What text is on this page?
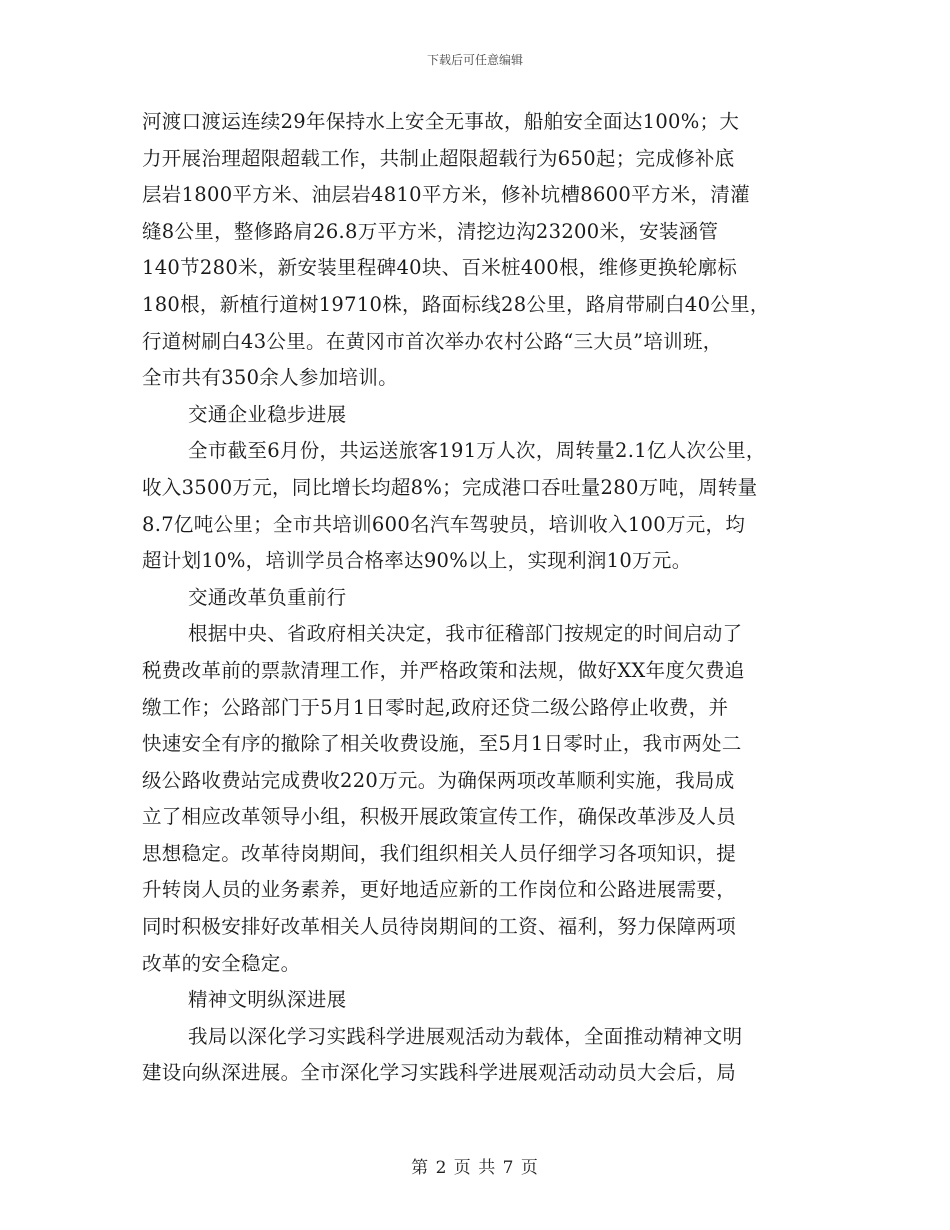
下载后可任意编辑
河渡口渡运连续29年保持水上安全无事故，船舶安全面达100%；大
力开展治理超限超载工作，共制止超限超载行为650起；完成修补底
层岩1800平方米、油层岩4810平方米，修补坑槽8600平方米，清灌
缝8公里，整修路肩26.8万平方米，清挖边沟23200米，安装涵管
140节280米，新安装里程碑40块、百米桩400根，维修更换轮廓标
180根，新植行道树19710株，路面标线28公里，路肩带刷白40公里，
行道树刷白43公里。在黄冈市首次举办农村公路“三大员”培训班，
全市共有350余人参加培训。
交通企业稳步进展
全市截至6月份，共运送旅客191万人次，周转量2.1亿人次公里，
收入3500万元，同比增长均超8%；完成港口吞吐量280万吨，周转量
8.7亿吨公里；全市共培训600名汽车驾驶员，培训收入100万元，均
超计划10%，培训学员合格率达90%以上，实现利润10万元。
交通改革负重前行
根据中央、省政府相关决定，我市征稽部门按规定的时间启动了
税费改革前的票款清理工作，并严格政策和法规，做好XX年度欠费追
缴工作；公路部门于5月1日零时起,政府还贷二级公路停止收费，并
快速安全有序的撤除了相关收费设施，至5月1日零时止，我市两处二
级公路收费站完成费收220万元。为确保两项改革顺利实施，我局成
立了相应改革领导小组，积极开展政策宣传工作，确保改革涉及人员
思想稳定。改革待岗期间，我们组织相关人员仔细学习各项知识，提
升转岗人员的业务素养，更好地适应新的工作岗位和公路进展需要，
同时积极安排好改革相关人员待岗期间的工资、福利，努力保障两项
改革的安全稳定。
精神文明纵深进展
我局以深化学习实践科学进展观活动为载体，全面推动精神文明
建设向纵深进展。全市深化学习实践科学进展观活动动员大会后，局
第 2 页 共 7 页
